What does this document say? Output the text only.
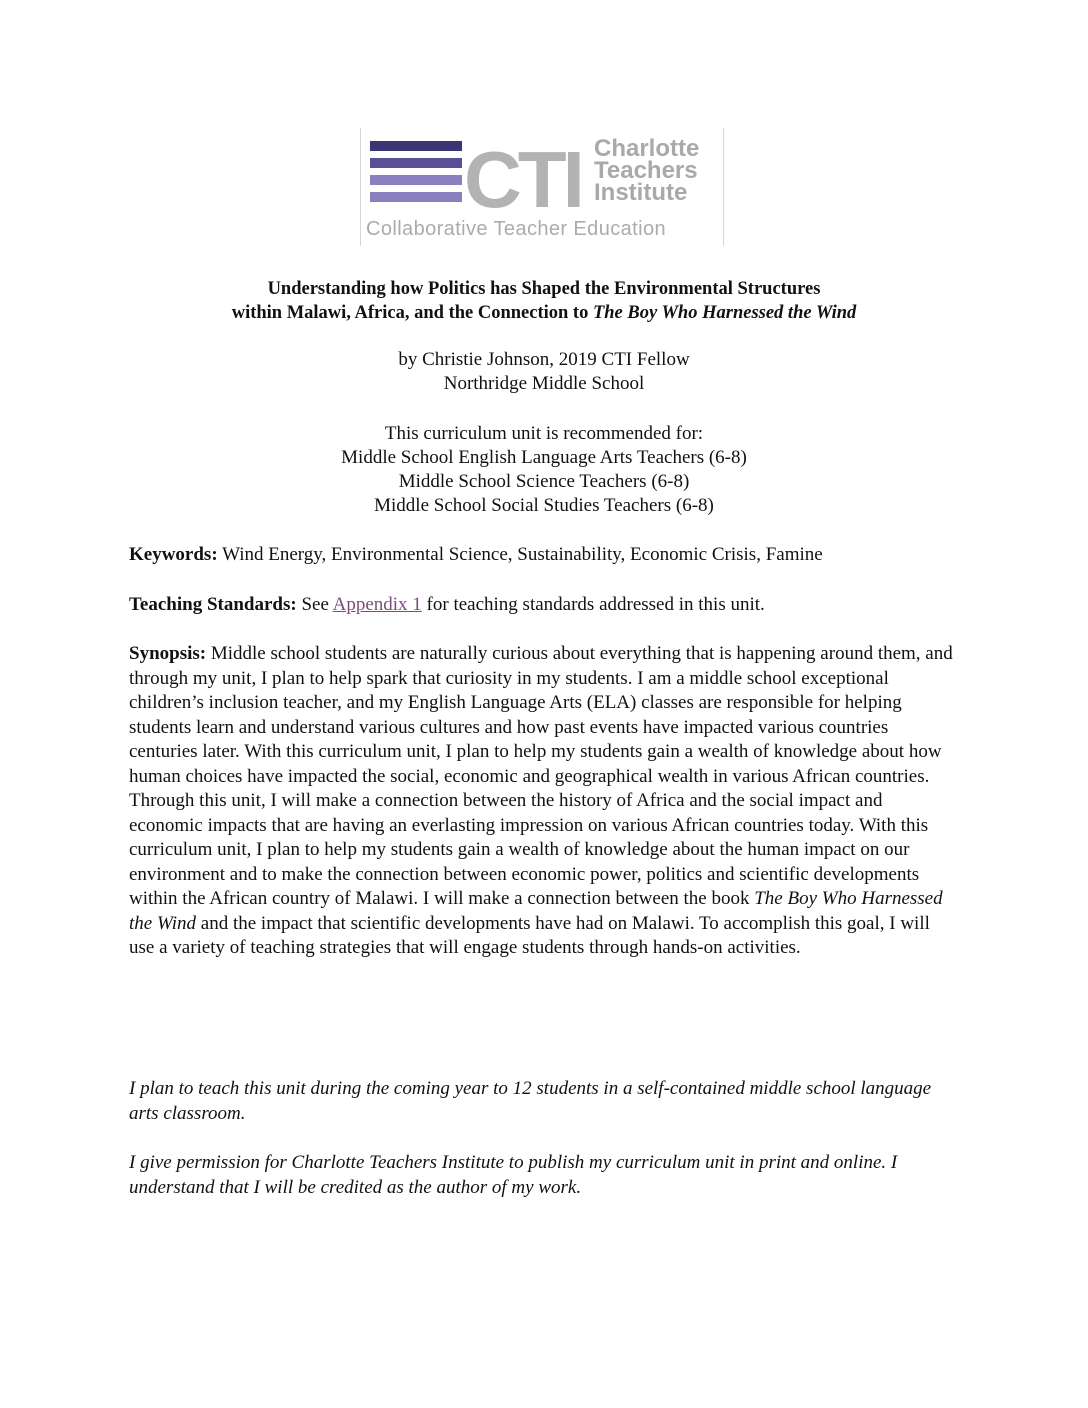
CTI Charlotte
Teachers
Institute
Collaborative Teacher Education
Understanding how Politics has Shaped the Environmental Structures
within Malawi, Africa, and the Connection to The Boy Who Harnessed the Wind
by Christie Johnson, 2019 CTI Fellow
Northridge Middle School
This curriculum unit is recommended for:
Middle School English Language Arts Teachers (6-8)
Middle School Science Teachers (6-8)
Middle School Social Studies Teachers (6-8)
Keywords: Wind Energy, Environmental Science, Sustainability, Economic Crisis, Famine
Teaching Standards: See Appendix 1 for teaching standards addressed in this unit.
Synopsis: Middle school students are naturally curious about everything that is happening around them, and through my unit, I plan to help spark that curiosity in my students. I am a middle school exceptional children’s inclusion teacher, and my English Language Arts (ELA) classes are responsible for helping students learn and understand various cultures and how past events have impacted various countries centuries later. With this curriculum unit, I plan to help my students gain a wealth of knowledge about how human choices have impacted the social, economic and geographical wealth in various African countries. Through this unit, I will make a connection between the history of Africa and the social impact and economic impacts that are having an everlasting impression on various African countries today. With this curriculum unit, I plan to help my students gain a wealth of knowledge about the human impact on our environment and to make the connection between economic power, politics and scientific developments within the African country of Malawi. I will make a connection between the book The Boy Who Harnessed the Wind and the impact that scientific developments have had on Malawi. To accomplish this goal, I will use a variety of teaching strategies that will engage students through hands-on activities.
I plan to teach this unit during the coming year to 12 students in a self-contained middle school language arts classroom.
I give permission for Charlotte Teachers Institute to publish my curriculum unit in print and online. I understand that I will be credited as the author of my work.
